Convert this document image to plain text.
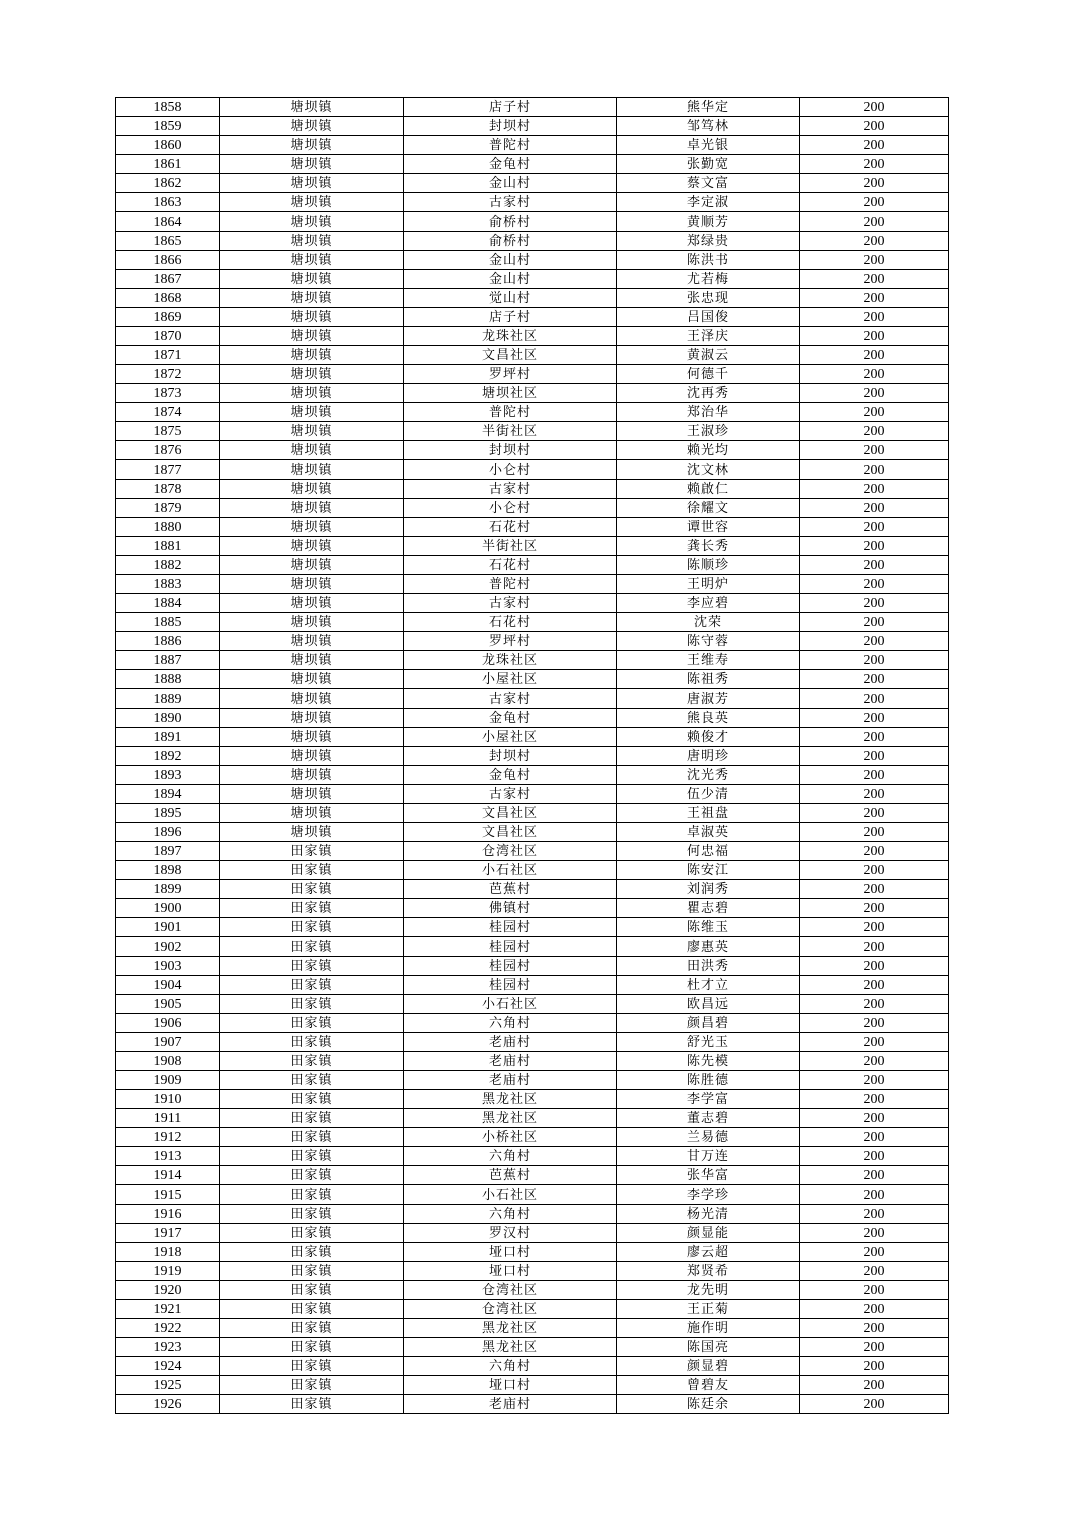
1858	塘坝镇	店子村	熊华定	200
1859	塘坝镇	封坝村	邹笃林	200
1860	塘坝镇	普陀村	卓光银	200
1861	塘坝镇	金龟村	张勤宽	200
1862	塘坝镇	金山村	蔡文富	200
1863	塘坝镇	古家村	李定淑	200
1864	塘坝镇	俞桥村	黄顺芳	200
1865	塘坝镇	俞桥村	郑绿贵	200
1866	塘坝镇	金山村	陈洪书	200
1867	塘坝镇	金山村	尤若梅	200
1868	塘坝镇	觉山村	张忠现	200
1869	塘坝镇	店子村	吕国俊	200
1870	塘坝镇	龙珠社区	王泽庆	200
1871	塘坝镇	文昌社区	黄淑云	200
1872	塘坝镇	罗坪村	何德千	200
1873	塘坝镇	塘坝社区	沈再秀	200
1874	塘坝镇	普陀村	郑治华	200
1875	塘坝镇	半街社区	王淑珍	200
1876	塘坝镇	封坝村	赖光均	200
1877	塘坝镇	小仑村	沈文林	200
1878	塘坝镇	古家村	赖啟仁	200
1879	塘坝镇	小仑村	徐耀文	200
1880	塘坝镇	石花村	谭世容	200
1881	塘坝镇	半街社区	龚长秀	200
1882	塘坝镇	石花村	陈顺珍	200
1883	塘坝镇	普陀村	王明炉	200
1884	塘坝镇	古家村	李应碧	200
1885	塘坝镇	石花村	沈荣	200
1886	塘坝镇	罗坪村	陈守蓉	200
1887	塘坝镇	龙珠社区	王维寿	200
1888	塘坝镇	小屋社区	陈祖秀	200
1889	塘坝镇	古家村	唐淑芳	200
1890	塘坝镇	金龟村	熊良英	200
1891	塘坝镇	小屋社区	赖俊才	200
1892	塘坝镇	封坝村	唐明珍	200
1893	塘坝镇	金龟村	沈光秀	200
1894	塘坝镇	古家村	伍少清	200
1895	塘坝镇	文昌社区	王祖盘	200
1896	塘坝镇	文昌社区	卓淑英	200
1897	田家镇	仓湾社区	何忠福	200
1898	田家镇	小石社区	陈安江	200
1899	田家镇	芭蕉村	刘润秀	200
1900	田家镇	佛镇村	瞿志碧	200
1901	田家镇	桂园村	陈维玉	200
1902	田家镇	桂园村	廖惠英	200
1903	田家镇	桂园村	田洪秀	200
1904	田家镇	桂园村	杜才立	200
1905	田家镇	小石社区	欧昌远	200
1906	田家镇	六角村	颜昌碧	200
1907	田家镇	老庙村	舒光玉	200
1908	田家镇	老庙村	陈先模	200
1909	田家镇	老庙村	陈胜德	200
1910	田家镇	黑龙社区	李学富	200
1911	田家镇	黑龙社区	董志碧	200
1912	田家镇	小桥社区	兰易德	200
1913	田家镇	六角村	甘万连	200
1914	田家镇	芭蕉村	张华富	200
1915	田家镇	小石社区	李学珍	200
1916	田家镇	六角村	杨光清	200
1917	田家镇	罗汉村	颜显能	200
1918	田家镇	垭口村	廖云超	200
1919	田家镇	垭口村	郑贤希	200
1920	田家镇	仓湾社区	龙先明	200
1921	田家镇	仓湾社区	王正菊	200
1922	田家镇	黑龙社区	施作明	200
1923	田家镇	黑龙社区	陈国亮	200
1924	田家镇	六角村	颜显碧	200
1925	田家镇	垭口村	曾碧友	200
1926	田家镇	老庙村	陈廷余	200
